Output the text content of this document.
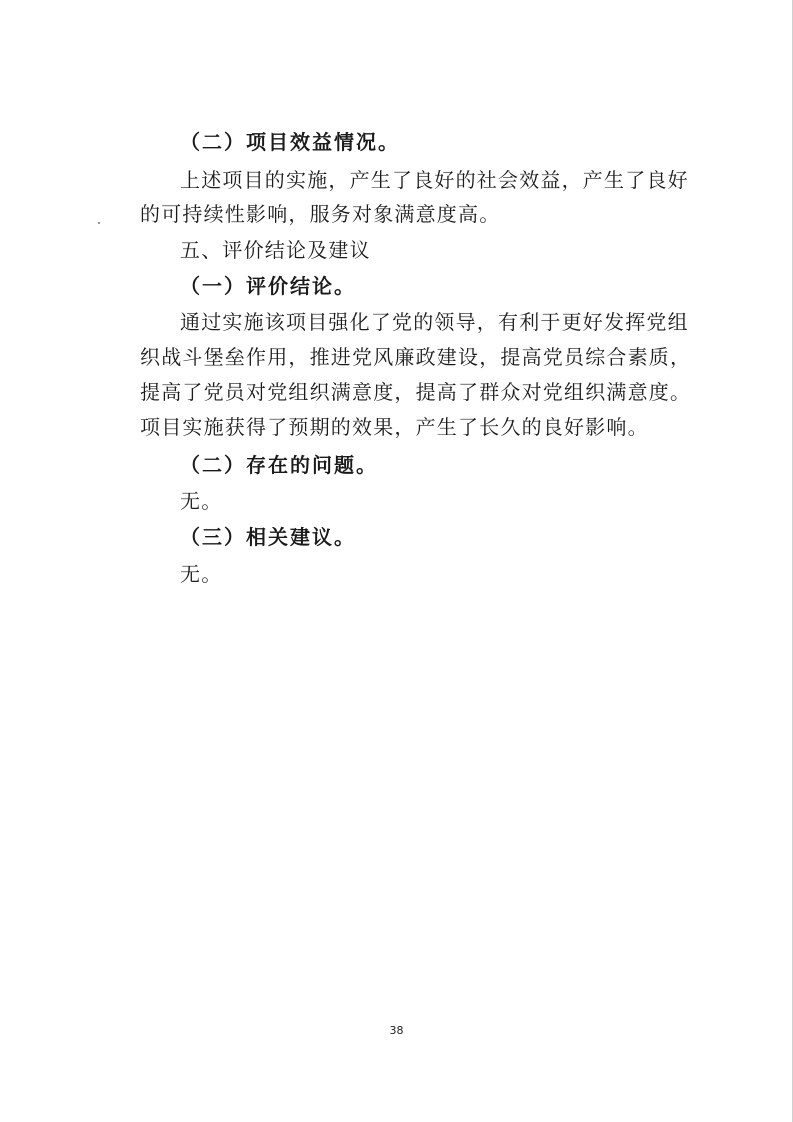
（二）项目效益情况。
上述项目的实施，产生了良好的社会效益，产生了良好
的可持续性影响，服务对象满意度高。
五、评价结论及建议
（一）评价结论。
通过实施该项目强化了党的领导，有利于更好发挥党组
织战斗堡垒作用，推进党风廉政建设，提高党员综合素质，
提高了党员对党组织满意度，提高了群众对党组织满意度。
项目实施获得了预期的效果，产生了长久的良好影响。
（二）存在的问题。
无。
（三）相关建议。
无。
38
